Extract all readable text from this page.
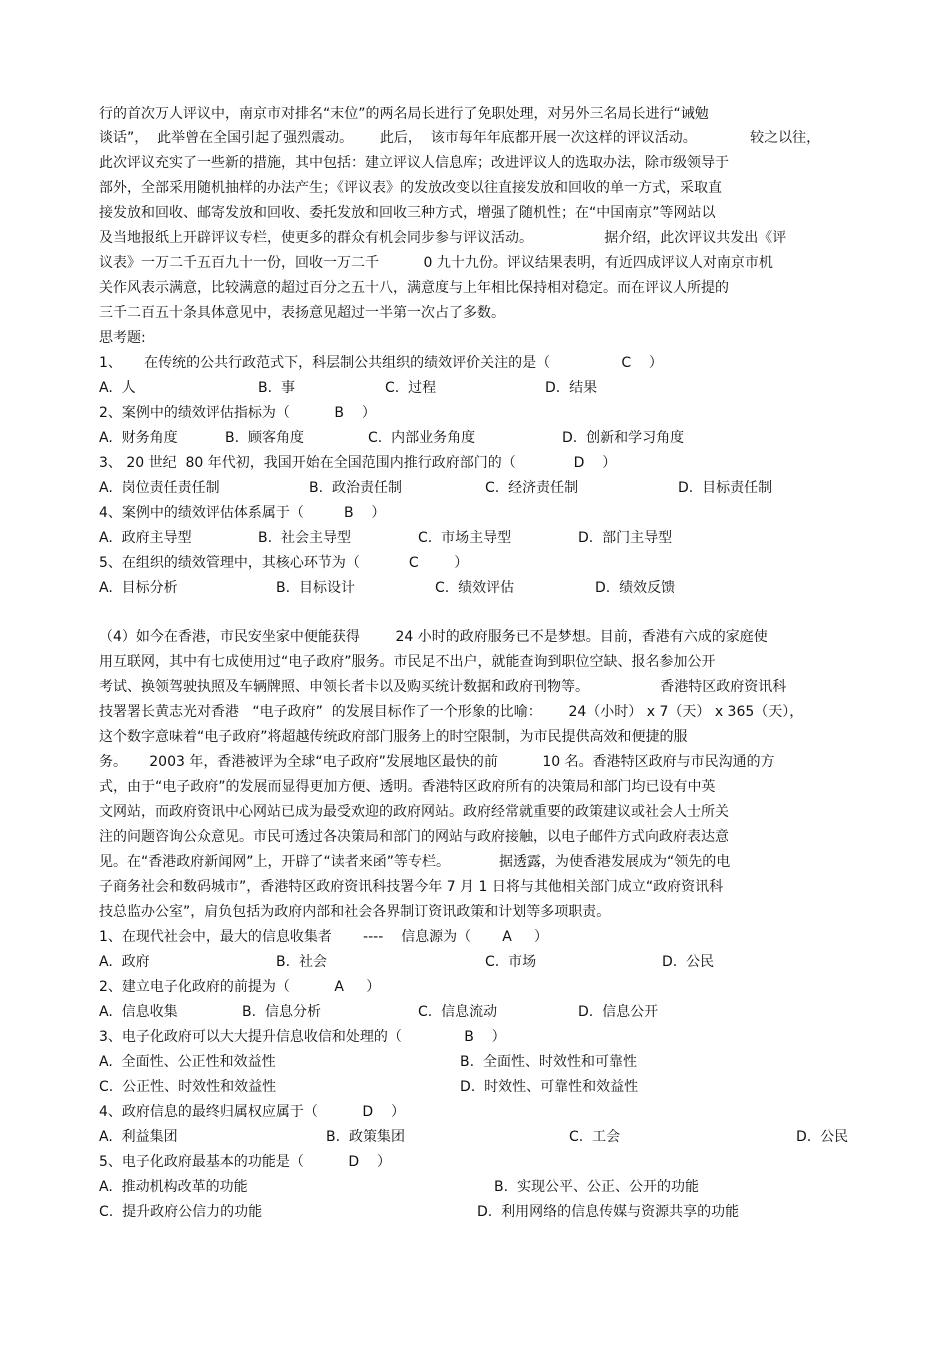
行的首次万人评议中，南京市对排名“末位”的两名局长进行了免职处理，对另外三名局长进行“诫勉

谈话”，  此举曾在全国引起了强烈震动。      此后，  该市每年年底都开展一次这样的评议活动。            较之以往，

此次评议充实了一些新的措施，其中包括：建立评议人信息库；改进评议人的选取办法，除市级领导于

部外，全部采用随机抽样的办法产生；《评议表》的发放改变以往直接发放和回收的单一方式，采取直

接发放和回收、邮寄发放和回收、委托发放和回收三种方式，增强了随机性；在“中国南京”等网站以

及当地报纸上开辟评议专栏，使更多的群众有机会同步参与评议活动。                据介绍，此次评议共发出《评

议表》一万二千五百九十一份，回收一万二千          0 九十九份。评议结果表明，有近四成评议人对南京市机

关作风表示满意，比较满意的超过百分之五十八，满意度与上年相比保持相对稳定。而在评议人所提的

三千二百五十条具体意见中，表扬意见超过一半第一次占了多数。

思考题:

1、     在传统的公共行政范式下，科层制公共组织的绩效评价关注的是（                C    ）

A.  人	B.  事	C.  过程	D.  结果

2、案例中的绩效评估指标为（          B    ）

A.  财务角度	B.  顾客角度	C.  内部业务角度	D.  创新和学习角度

3、 20 世纪  80 年代初，我国开始在全国范围内推行政府部门的（             D    ）

A.  岗位责任责任制	B.  政治责任制	C.  经济责任制	D.  目标责任制

4、案例中的绩效评估体系属于（         B    ）

A.  政府主导型	B.  社会主导型	C.  市场主导型	D.  部门主导型

5、在组织的绩效管理中，其核心环节为（           C        ）

A.  目标分析	B.  目标设计	C.  绩效评估	D.  绩效反馈

（4）如今在香港，市民安坐家中便能获得        24 小时的政府服务已不是梦想。目前，香港有六成的家庭使

用互联网，其中有七成使用过“电子政府”服务。市民足不出户，就能查询到职位空缺、报名参加公开

考试、换领驾驶执照及车辆牌照、申领长者卡以及购买统计数据和政府刊物等。                香港特区政府资讯科

技署署长黄志光对香港   “电子政府”  的发展目标作了一个形象的比喻：      24（小时） x 7（天） x 365（天），

这个数字意味着“电子政府”将超越传统政府部门服务上的时空限制，为市民提供高效和便捷的服

务。     2003 年，香港被评为全球“电子政府”发展地区最快的前          10 名。香港特区政府与市民沟通的方

式，由于“电子政府”的发展而显得更加方便、透明。香港特区政府所有的决策局和部门均已设有中英

文网站，而政府资讯中心网站已成为最受欢迎的政府网站。政府经常就重要的政策建议或社会人士所关

注的问题咨询公众意见。市民可透过各决策局和部门的网站与政府接触，以电子邮件方式向政府表达意

见。在“香港政府新闻网”上，开辟了“读者来函”等专栏。           据透露，为使香港发展成为“领先的电

子商务社会和数码城市”，香港特区政府资讯科技署今年 7 月 1 日将与其他相关部门成立“政府资讯科

技总监办公室”，肩负包括为政府内部和社会各界制订资讯政策和计划等多项职责。

1、在现代社会中，最大的信息收集者       ----    信息源为（       A     ）

A.  政府	B.  社会	C.  市场	D.  公民

2、建立电子化政府的前提为（          A     ）

A.  信息收集	B.  信息分析	C.  信息流动	D.  信息公开

3、电子化政府可以大大提升信息收信和处理的（              B    ）

A.  全面性、公正性和效益性	B.  全面性、时效性和可靠性

C.  公正性、时效性和效益性	D.  时效性、可靠性和效益性

4、政府信息的最终归属权应属于（          D    ）

A.  利益集团	B.  政策集团	C.  工会	D.  公民

5、电子化政府最基本的功能是（          D    ）

A.  推动机构改革的功能	B.  实现公平、公正、公开的功能

C.  提升政府公信力的功能	D.  利用网络的信息传媒与资源共享的功能
